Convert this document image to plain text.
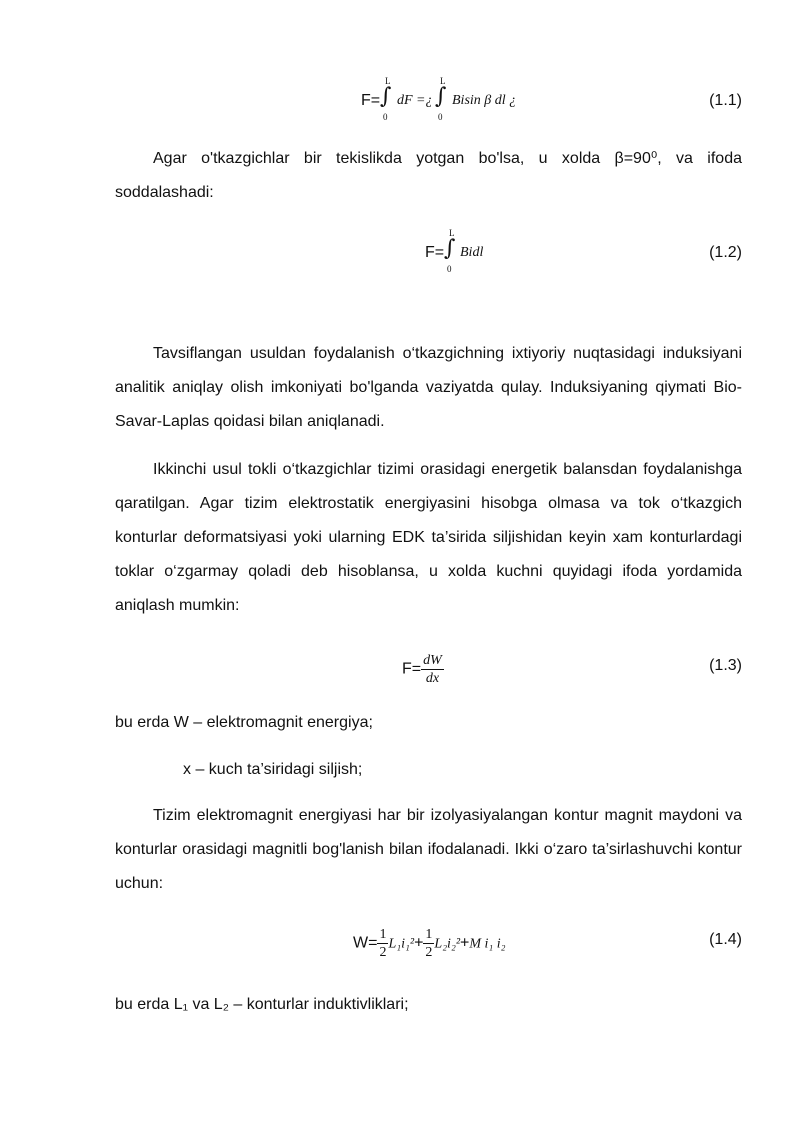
F=
L
∫
0
dF =¿
L
∫
0
Bisin β dl ¿	(1.1)

Agar o'tkazgichlar bir tekislikda yotgan bo'lsa, u xolda β=90⁰, va ifoda soddalashadi:

F=
L
∫
0
Bidl	(1.2)

Tavsiflangan usuldan foydalanish o‘tkazgichning ixtiyoriy nuqtasidagi induksiyani analitik aniqlay olish imkoniyati bo'lganda vaziyatda qulay. Induksiyaning qiymati Bio-Savar-Laplas qoidasi bilan aniqlanadi.

Ikkinchi usul tokli o‘tkazgichlar tizimi orasidagi energetik balansdan foydalanishga qaratilgan. Agar tizim elektrostatik energiyasini hisobga olmasa va tok o‘tkazgich konturlar deformatsiyasi yoki ularning EDK ta’sirida siljishidan keyin xam konturlardagi toklar o‘zgarmay qoladi deb hisoblansa, u xolda kuchni quyidagi ifoda yordamida aniqlash mumkin:

$F= \frac{dW}{dx}$	(1.3)

bu erda W – elektromagnit energiya;

x – kuch ta’siridagi siljish;

Tizim elektromagnit energiyasi har bir izolyasiyalangan kontur magnit maydoni va konturlar orasidagi magnitli bog'lanish bilan ifodalanadi. Ikki o‘zaro ta’sirlashuvchi kontur uchun:

$W= \frac{1}{2} L_1i_1^2+ \frac{1}{2} L_2i_2^2+M$ i₁ i₂	(1.4)

bu erda L₁ va L₂ – konturlar induktivliklari;
